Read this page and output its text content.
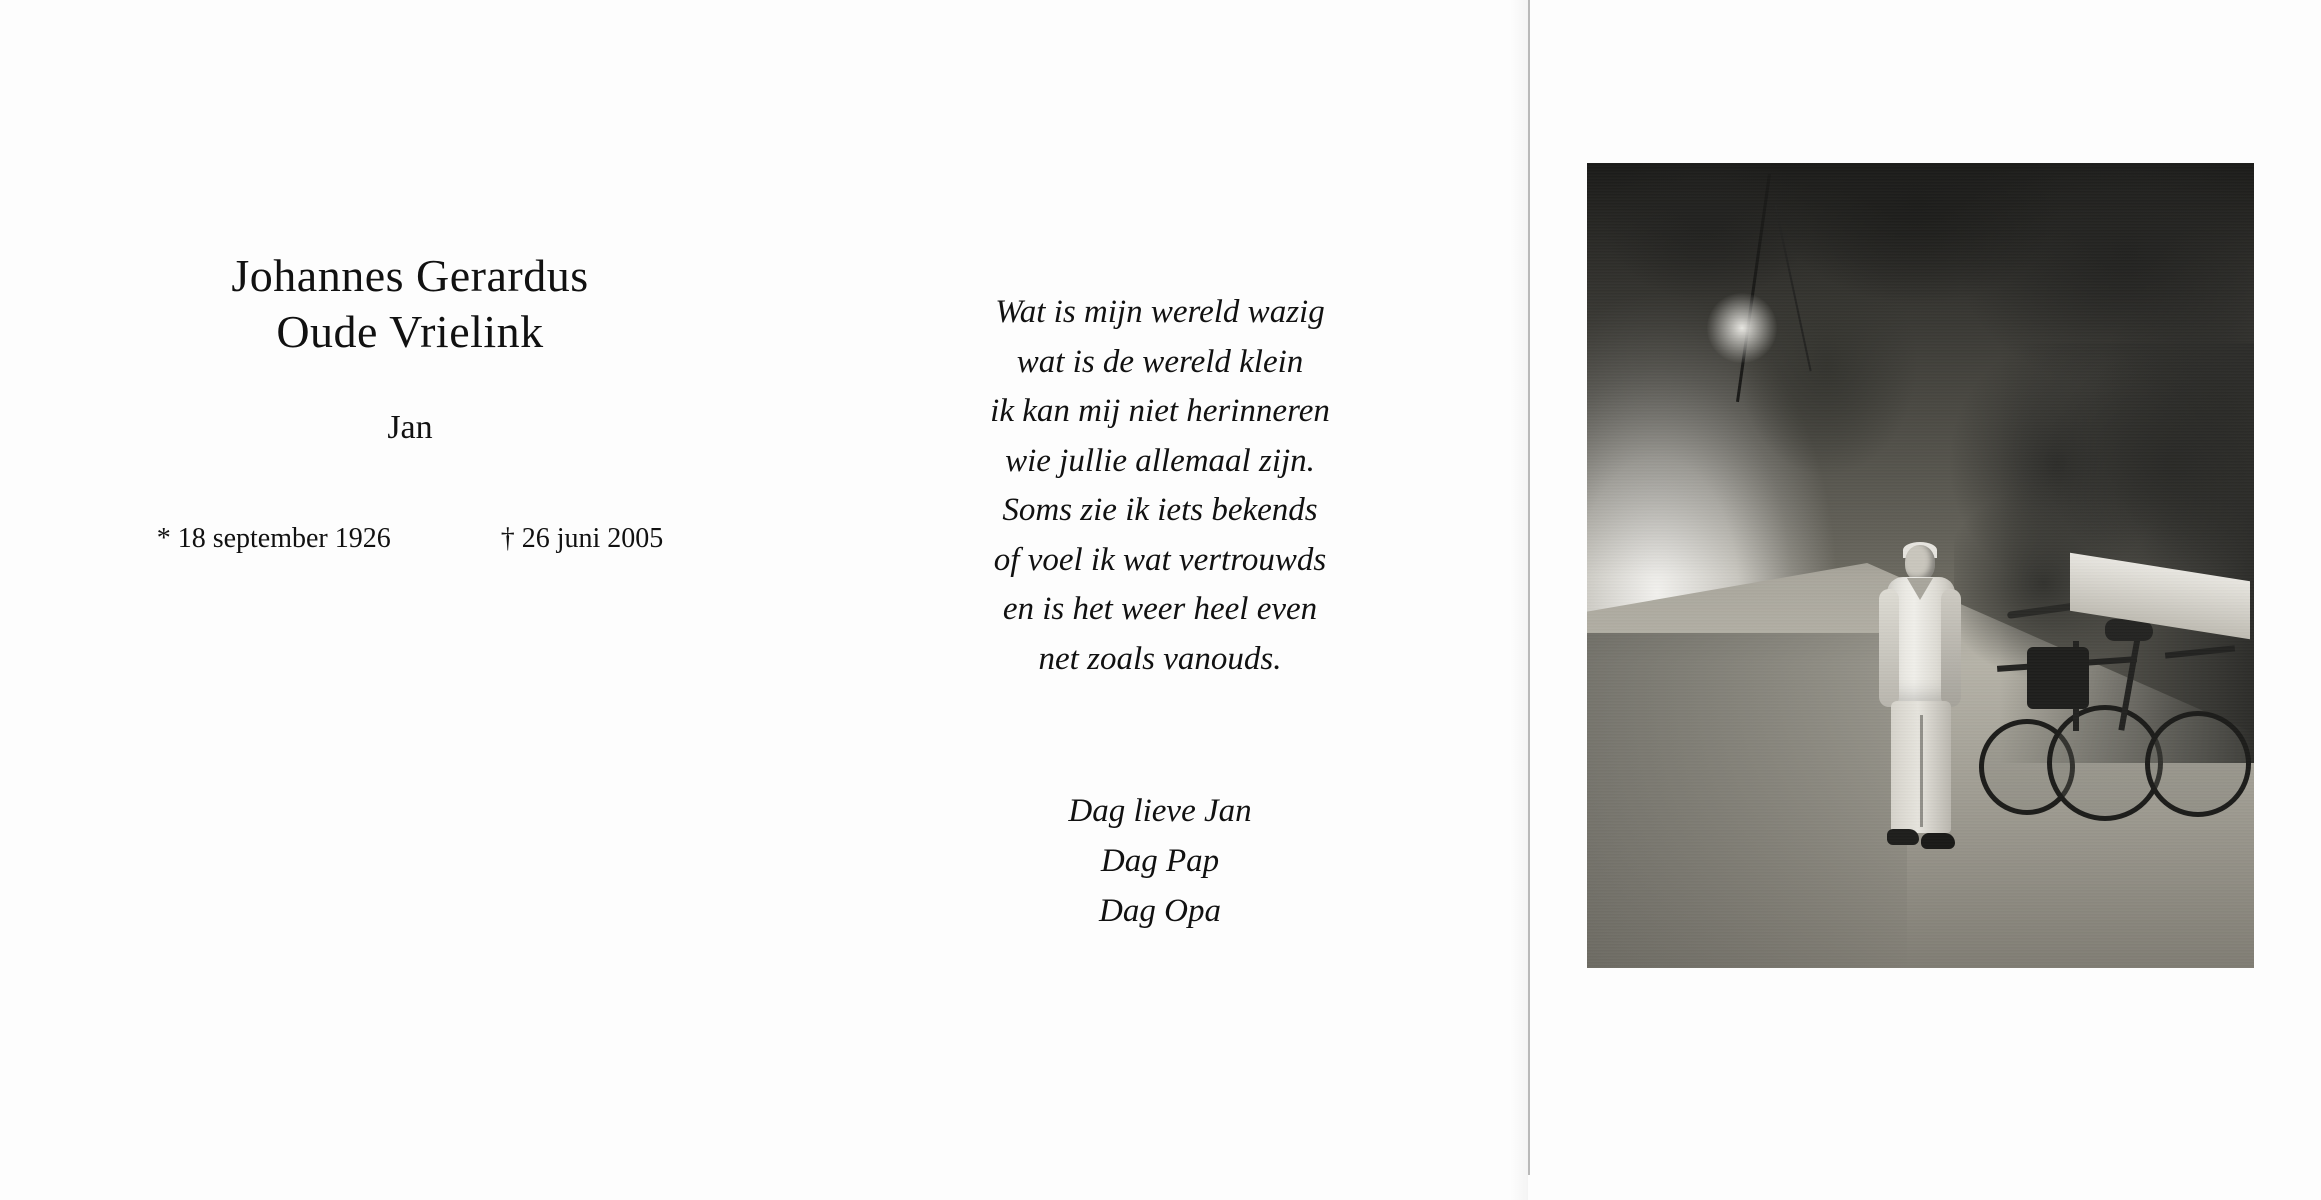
Johannes Gerardus
Oude Vrielink
Jan
* 18 september 1926	† 26 juni 2005
Wat is mijn wereld wazig
wat is de wereld klein
ik kan mij niet herinneren
wie jullie allemaal zijn.
Soms zie ik iets bekends
of voel ik wat vertrouwds
en is het weer heel even
net zoals vanouds.
Dag lieve Jan
Dag Pap
Dag Opa
